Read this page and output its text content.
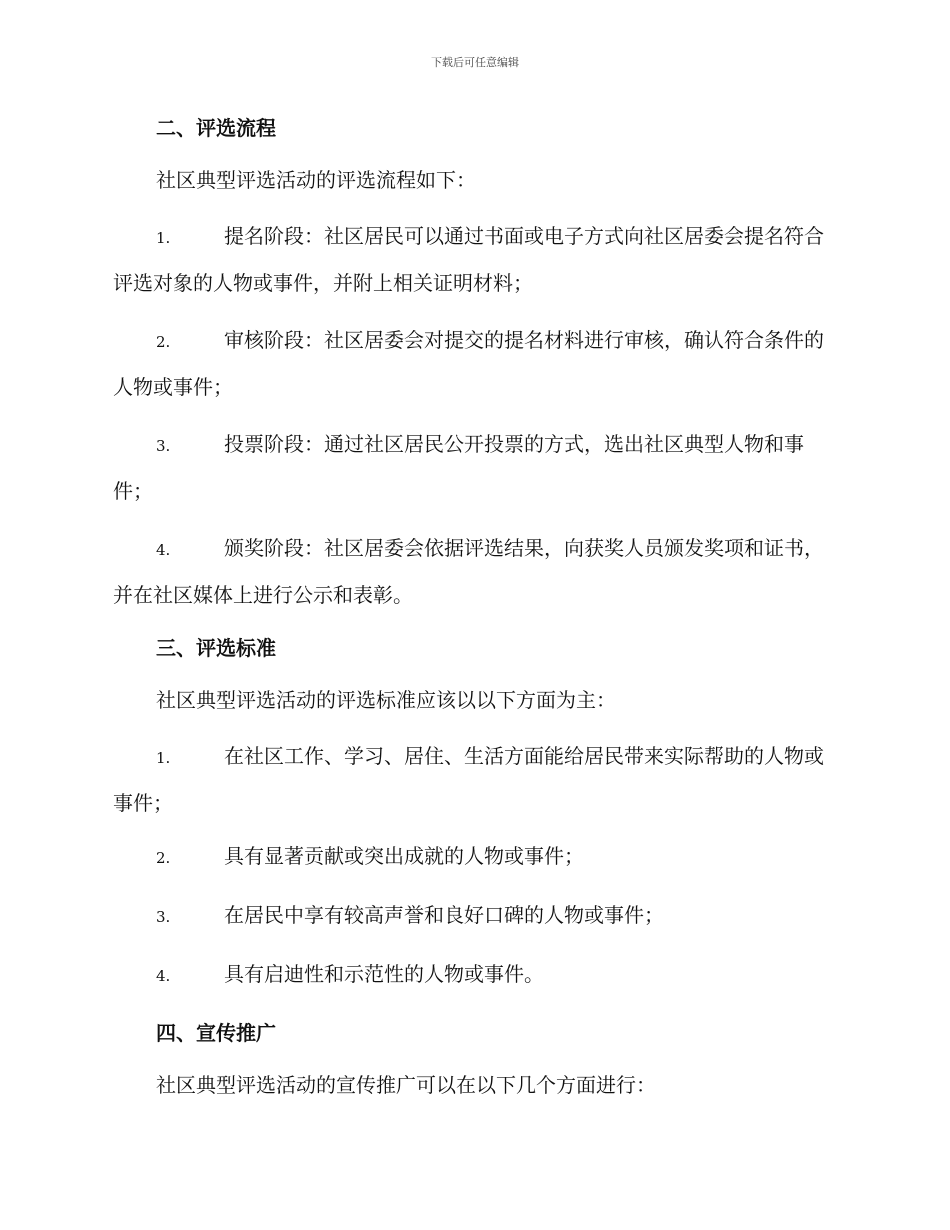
下载后可任意编辑
二、评选流程
社区典型评选活动的评选流程如下：
1.	提名阶段：社区居民可以通过书面或电子方式向社区居委会提名符合评选对象的人物或事件，并附上相关证明材料；
2.	审核阶段：社区居委会对提交的提名材料进行审核，确认符合条件的人物或事件；
3.	投票阶段：通过社区居民公开投票的方式，选出社区典型人物和事件；
4.	颁奖阶段：社区居委会依据评选结果，向获奖人员颁发奖项和证书，并在社区媒体上进行公示和表彰。
三、评选标准
社区典型评选活动的评选标准应该以以下方面为主：
1.	在社区工作、学习、居住、生活方面能给居民带来实际帮助的人物或事件；
2.	具有显著贡献或突出成就的人物或事件；
3.	在居民中享有较高声誉和良好口碑的人物或事件；
4.	具有启迪性和示范性的人物或事件。
四、宣传推广
社区典型评选活动的宣传推广可以在以下几个方面进行：
